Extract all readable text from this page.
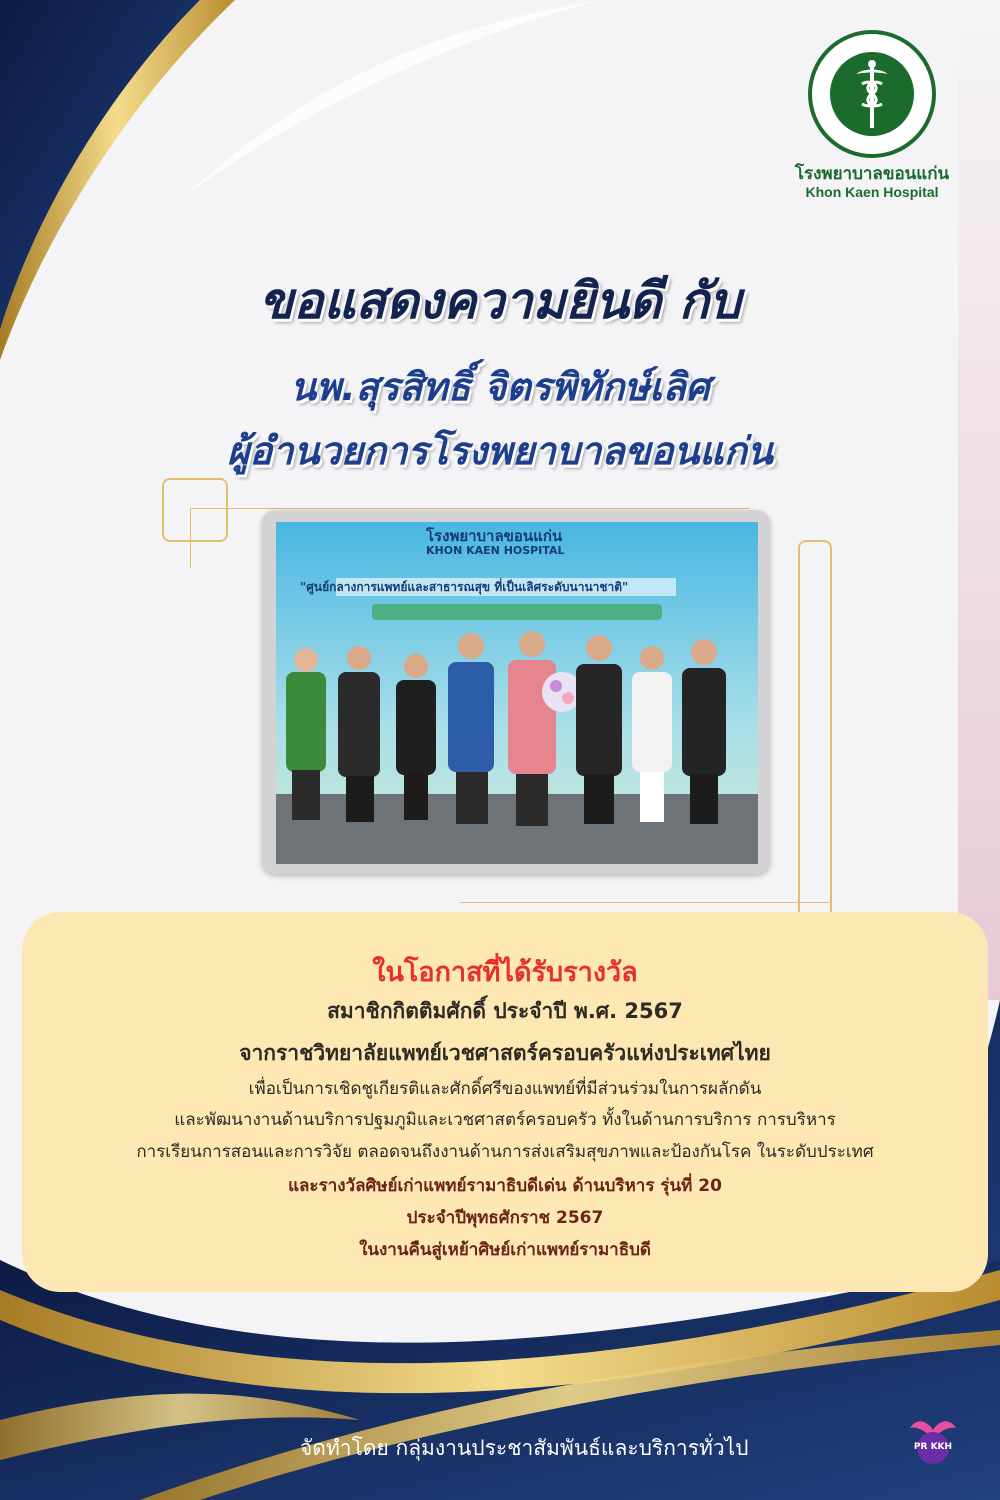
โรงพยาบาลขอนแก่น
Khon Kaen Hospital
ขอแสดงความยินดี กับ
นพ.สุรสิทธิ์ จิตรพิทักษ์เลิศ
ผู้อำนวยการโรงพยาบาลขอนแก่น
โรงพยาบาลขอนแก่น
KHON KAEN HOSPITAL
"ศูนย์กลางการแพทย์และสาธารณสุข ที่เป็นเลิศระดับนานาชาติ"
ในโอกาสที่ได้รับรางวัล
สมาชิกกิตติมศักดิ์ ประจำปี พ.ศ. 2567
จากราชวิทยาลัยแพทย์เวชศาสตร์ครอบครัวแห่งประเทศไทย
เพื่อเป็นการเชิดชูเกียรติและศักดิ์ศรีของแพทย์ที่มีส่วนร่วมในการผลักดัน
และพัฒนางานด้านบริการปฐมภูมิและเวชศาสตร์ครอบครัว ทั้งในด้านการบริการ การบริหาร
การเรียนการสอนและการวิจัย ตลอดจนถึงงานด้านการส่งเสริมสุขภาพและป้องกันโรค ในระดับประเทศ
และรางวัลศิษย์เก่าแพทย์รามาธิบดีเด่น ด้านบริหาร รุ่นที่ 20
ประจำปีพุทธศักราช 2567
ในงานคืนสู่เหย้าศิษย์เก่าแพทย์รามาธิบดี
จัดทำโดย กลุ่มงานประชาสัมพันธ์และบริการทั่วไป	PR KKH
